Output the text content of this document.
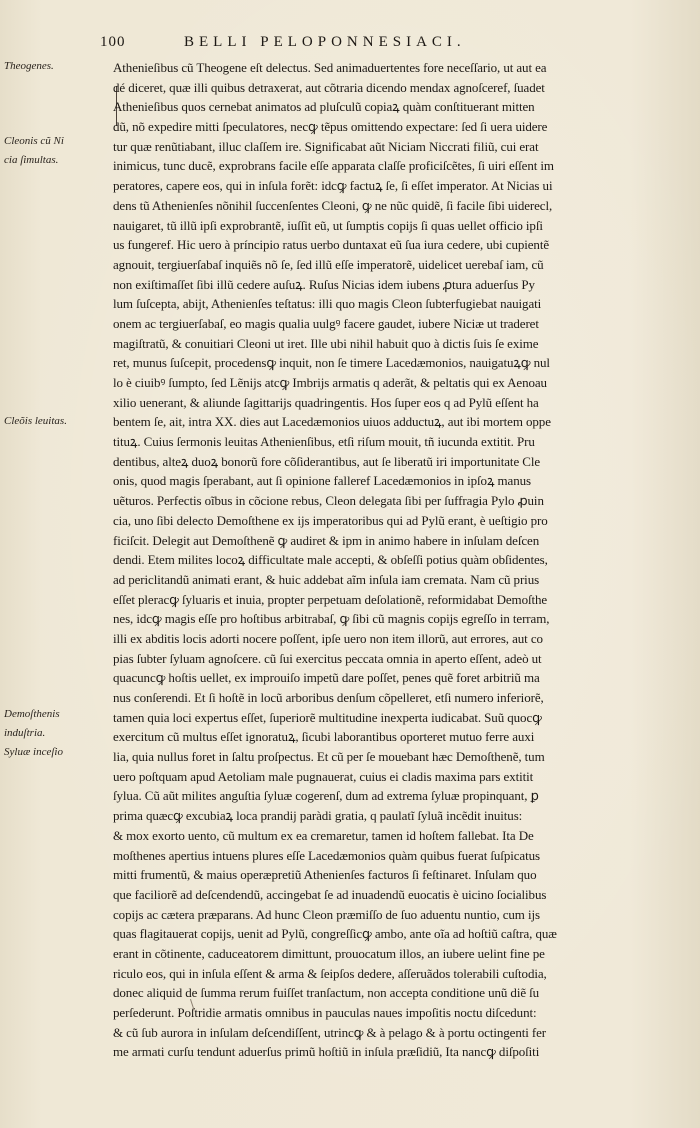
100	BELLI PELOPONNESIACI.
Theogenes.
Cleonis cũ Ni
cia ſimultas.
Cleõis leuitas.
Demoſthenis
induſtria.
Syluæ inceſio
Athenieſibus cũ Theogene eſt delectus. Sed animaduertentes fore neceſſario, ut aut ea
dé diceret, quæ illi quibus detraxerat, aut cõtraria dicendo mendax agnoſceref, ſuadet
Athenieſibus quos cernebat animatos ad pluſculũ copiaꝝ quàm conſtituerant mitten
dũ, nõ expedire mitti ſpeculatores, necꝙ tẽpus omittendo expectare: ſed ſi uera uidere
tur quæ renũtiabant, illuc claſſem ire. Significabat aũt Niciam Niccrati filiũ, cui erat
inimicus, tunc ducẽ, exprobrans facile eſſe apparata claſſe proficiſcẽtes, ſi uiri eſſent im
peratores, capere eos, qui in inſula forẽt: idcꝙ factuꝝ ſe, ſi eſſet imperator. At Nicias ui
dens tũ Athenienſes nõnihil ſuccenſentes Cleoni, ꝙ ne nũc quidẽ, ſi facile ſibi uiderecl,
nauigaret, tũ illũ ipſi exprobrantẽ, iuſſit eũ, ut ſumptis copijs ſi quas uellet officio ipſi
us fungeref. Hic uero à príncipio ratus uerbo duntaxat eũ ſua iura cedere, ubi cupientẽ
agnouit, tergiuerſabaſ inquiẽs nõ ſe, ſed illũ eſſe imperatorẽ, uidelicet uerebaſ iam, cũ
non exiſtimaſſet ſibi illũ cedere auſuꝝ. Ruſus Nicias idem iubens ꝓtura aduerſus Py
lum ſuſcepta, abijt, Athenienſes teſtatus: illi quo magis Cleon ſubterfugiebat nauigati
onem ac tergiuerſabaſ, eo magis qualia uulgꝰ facere gaudet, iubere Niciæ ut traderet
magiſtratũ, & conuitiari Cleoni ut iret. Ille ubi nihil habuit quo à dictis ſuis ſe exime
ret, munus ſuſcepit, procedensꝙ inquit, non ſe timere Lacedæmonios, nauigatuꝝꝙ nul
lo è ciuibꝰ ſumpto, ſed Lẽnijs atcꝙ Imbrijs armatis q aderãt, & peltatis qui ex Aenoau
xilio uenerant, & aliunde ſagittarijs quadringentis. Hos ſuper eos q ad Pylũ eſſent ha
bentem ſe, ait, intra XX. dies aut Lacedæmonios uiuos adductuꝝ, aut ibi mortem oppe
tituꝝ. Cuius ſermonis leuitas Athenienſibus, etſi riſum mouit, tñ iucunda extitit. Pru
dentibus, alteꝝ duoꝝ bonorũ fore cõſiderantibus, aut ſe liberatũ iri importunitate Cle
onis, quod magis ſperabant, aut ſi opinione falleref Lacedæmonios in ipſoꝝ manus
uẽturos. Perfectis oĩbus in cõcione rebus, Cleon delegata ſibi per ſuffragia Pylo ꝓuin
cia, uno ſibi delecto Demoſthene ex ijs imperatoribus qui ad Pylũ erant, è ueſtigio pro
ficiſcit. Delegit aut Demoſthenẽ ꝙ audiret & ipm in animo habere in inſulam deſcen
dendi. Etem milites locoꝝ difficultate male accepti, & obſeſſi potius quàm obſidentes,
ad periclitandũ animati erant, & huic addebat aĩm inſula iam cremata. Nam cũ prius
eſſet pleracꝙ ſyluaris et inuia, propter perpetuam deſolationẽ, reformidabat Demoſthe
nes, idcꝙ magis eſſe pro hoſtibus arbitrabaſ, ꝙ ſibi cũ magnis copijs egreſſo in terram,
illi ex abditis locis adorti nocere poſſent, ipſe uero non item illorũ, aut errores, aut co
pias ſubter ſyluam agnoſcere. cũ ſui exercitus peccata omnia in aperto eſſent, adeò ut
quacuncꝙ hoſtis uellet, ex improuiſo impetũ dare poſſet, penes quẽ foret arbitriũ ma
nus conſerendi. Et ſi hoſtẽ in locũ arboribus denſum cõpelleret, etſi numero inferiorẽ,
tamen quia loci expertus eſſet, ſuperiorẽ multitudine inexperta iudicabat. Suũ quocꝙ
exercitum cũ multus eſſet ignoratuꝝ, ſicubi laborantibus oporteret mutuo ferre auxi
lia, quia nullus foret in ſaltu proſpectus. Et cũ per ſe mouebant hæc Demoſthenẽ, tum
uero poſtquam apud Aetoliam male pugnauerat, cuius ei cladis maxima pars extitit
ſylua. Cũ aũt milites anguſtia ſyluæ cogerenſ, dum ad extrema ſyluæ propinquant, ꝑ
prima quæcꝙ excubiaꝝ loca prandij paràdi gratia, q paulatĩ ſyluã incẽdit inuitus:
& mox exorto uento, cũ multum ex ea cremaretur, tamen id hoſtem fallebat. Ita De
moſthenes apertius intuens plures eſſe Lacedæmonios quàm quibus fuerat ſuſpicatus
mitti frumentũ, & maius operæpretiũ Athenienſes facturos ſi feſtinaret. Inſulam quo
que faciliorẽ ad deſcendendũ, accingebat ſe ad inuadendũ euocatis è uicino ſocialibus
copijs ac cætera præparans. Ad hunc Cleon præmiſſo de ſuo aduentu nuntio, cum ijs
quas flagitauerat copijs, uenit ad Pylũ, congreſſicꝙ ambo, ante oĩa ad hoſtiũ caſtra, quæ
erant in cõtinente, caduceatorem dimittunt, prouocatum illos, an iubere uelint fine pe
riculo eos, qui in inſula eſſent & arma & ſeipſos dedere, aſſeruãdos tolerabili cuſtodia,
donec aliquid de ſumma rerum fuiſſet tranſactum, non accepta conditione unũ diẽ ſu
perſederunt. Poſtridie armatis omnibus in pauculas naues impoſitis noctu diſcedunt:
& cũ ſub aurora in inſulam deſcendiſſent, utrincꝙ & à pelago & à portu octingenti fer
me armati curſu tendunt aduerſus primũ hoſtiũ in inſula præſidiũ, Ita nancꝙ diſpoſiti
